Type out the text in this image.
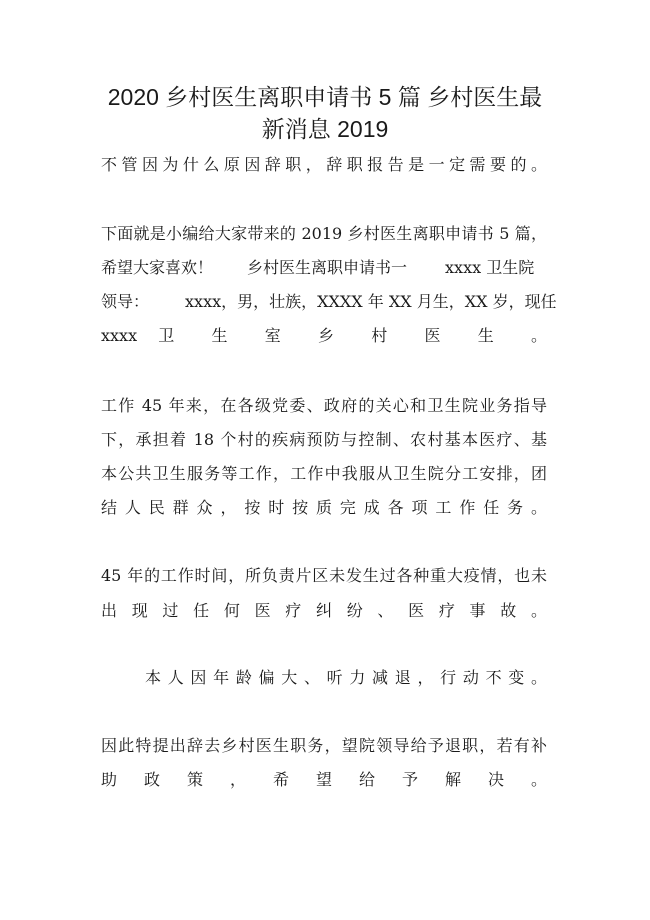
2020 乡村医生离职申请书 5 篇 乡村医生最
新消息 2019
不管因为什么原因辞职，辞职报告是一定需要的。
下面就是小编给大家带来的 2019 乡村医生离职申请书 5 篇，
希望大家喜欢！ 乡村医生离职申请书一 xxxx 卫生院
领导： xxxx，男，壮族，XXXX 年 XX 月生，XX 岁，现任
xxxx 卫 生 室 乡 村 医 生 。
工作 45 年来，在各级党委、政府的关心和卫生院业务指导
下，承担着 18 个村的疾病预防与控制、农村基本医疗、基
本公共卫生服务等工作，工作中我服从卫生院分工安排，团
结 人 民 群 众 ， 按 时 按 质 完 成 各 项 工 作 任 务 。
45 年的工作时间，所负责片区未发生过各种重大疫情，也未
出 现 过 任 何 医 疗 纠 纷 、 医 疗 事 故 。
本 人 因 年 龄 偏 大 、 听 力 减 退 ， 行 动 不 变 。
因此特提出辞去乡村医生职务，望院领导给予退职，若有补
助 政 策 ， 希 望 给 予 解 决 。
